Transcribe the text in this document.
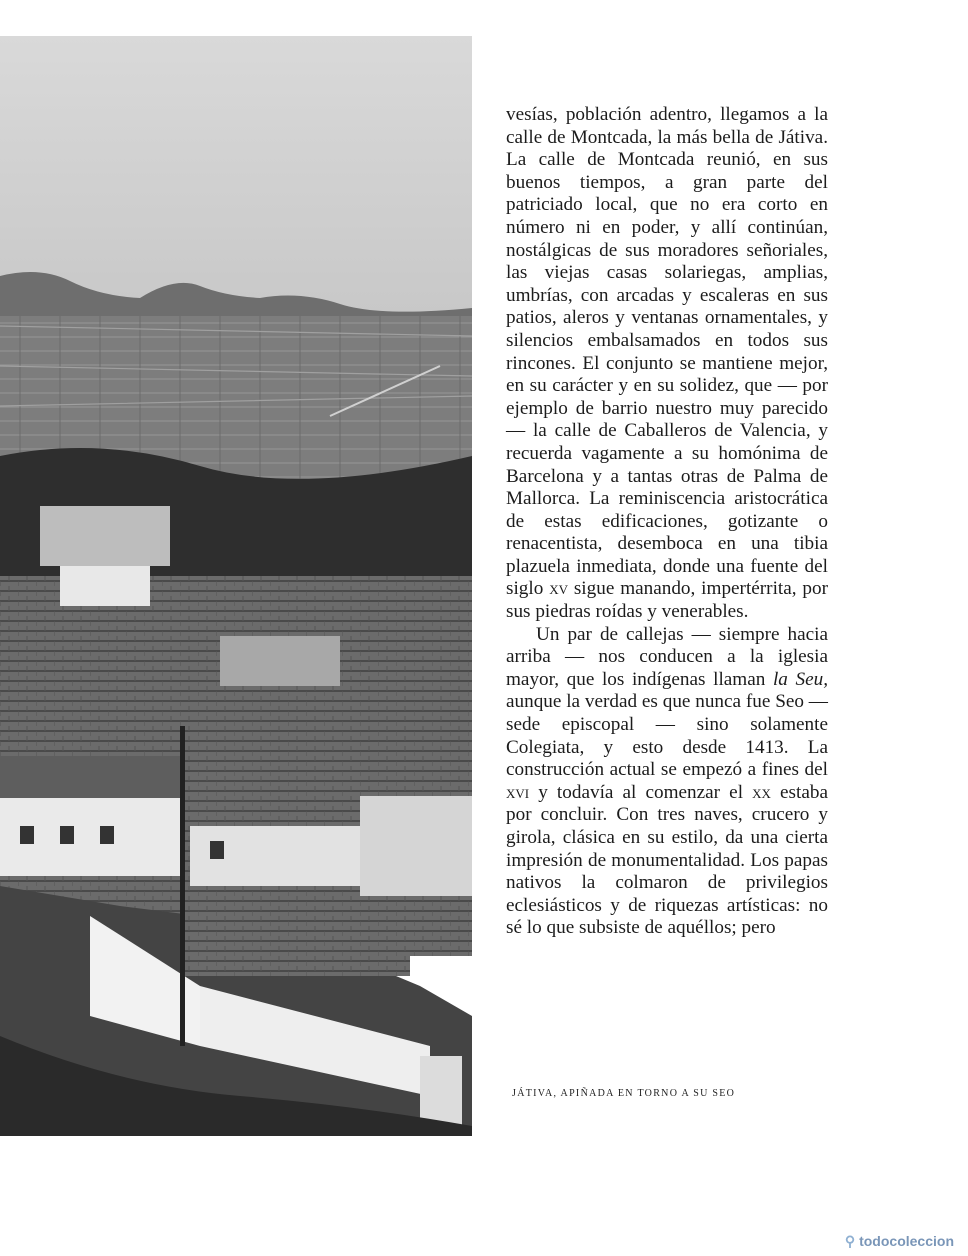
vesías, población adentro, llegamos a la calle de Montcada, la más bella de Játiva. La calle de Montcada reunió, en sus buenos tiempos, a gran parte del patriciado local, que no era corto en número ni en poder, y allí continúan, nostálgicas de sus moradores señoriales, las viejas casas solariegas, amplias, umbrías, con arcadas y escaleras en sus patios, aleros y ventanas ornamentales, y silencios embalsamados en todos sus rincones. El conjunto se mantiene mejor, en su carácter y en su solidez, que — por ejemplo de barrio nuestro muy parecido — la calle de Caballeros de Valencia, y recuerda vagamente a su homónima de Barcelona y a tantas otras de Palma de Mallorca. La reminiscencia aristocrática de estas edificaciones, gotizante o renacentista, desemboca en una tibia plazuela inmediata, donde una fuente del siglo xv sigue manando, impertérrita, por sus piedras roídas y venerables.

Un par de callejas — siempre hacia arriba — nos conducen a la iglesia mayor, que los indígenas llaman la Seu, aunque la verdad es que nunca fue Seo — sede episcopal — sino solamente Colegiata, y esto desde 1413. La construcción actual se empezó a fines del xvi y todavía al comenzar el xx estaba por concluir. Con tres naves, crucero y girola, clásica en su estilo, da una cierta impresión de monumentalidad. Los papas nativos la colmaron de privilegios eclesiásticos y de riquezas artísticas: no sé lo que subsiste de aquéllos; pero

JÁTIVA, APIÑADA EN TORNO A SU SEO
⚲ todocoleccion
